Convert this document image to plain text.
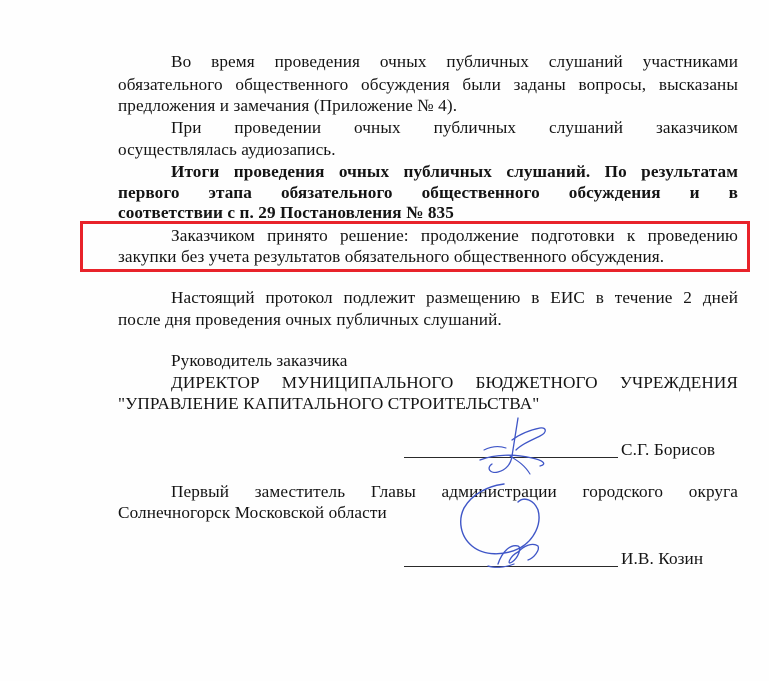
Во время проведения очных публичных слушаний участниками
обязательного общественного обсуждения были заданы вопросы, высказаны
предложения и замечания (Приложение № 4).
При проведении очных публичных слушаний заказчиком
осуществлялась аудиозапись.
Итоги проведения очных публичных слушаний. По результатам
первого этапа обязательного общественного обсуждения и в
соответствии с п. 29 Постановления № 835
Заказчиком принято решение: продолжение подготовки к проведению
закупки без учета результатов обязательного общественного обсуждения.
Настоящий протокол подлежит размещению в ЕИС в течение 2 дней
после дня проведения очных публичных слушаний.
Руководитель заказчика
ДИРЕКТОР МУНИЦИПАЛЬНОГО БЮДЖЕТНОГО УЧРЕЖДЕНИЯ
"УПРАВЛЕНИЕ КАПИТАЛЬНОГО СТРОИТЕЛЬСТВА"
С.Г. Борисов
Первый заместитель Главы администрации городского округа
Солнечногорск Московской области
И.В. Козин
